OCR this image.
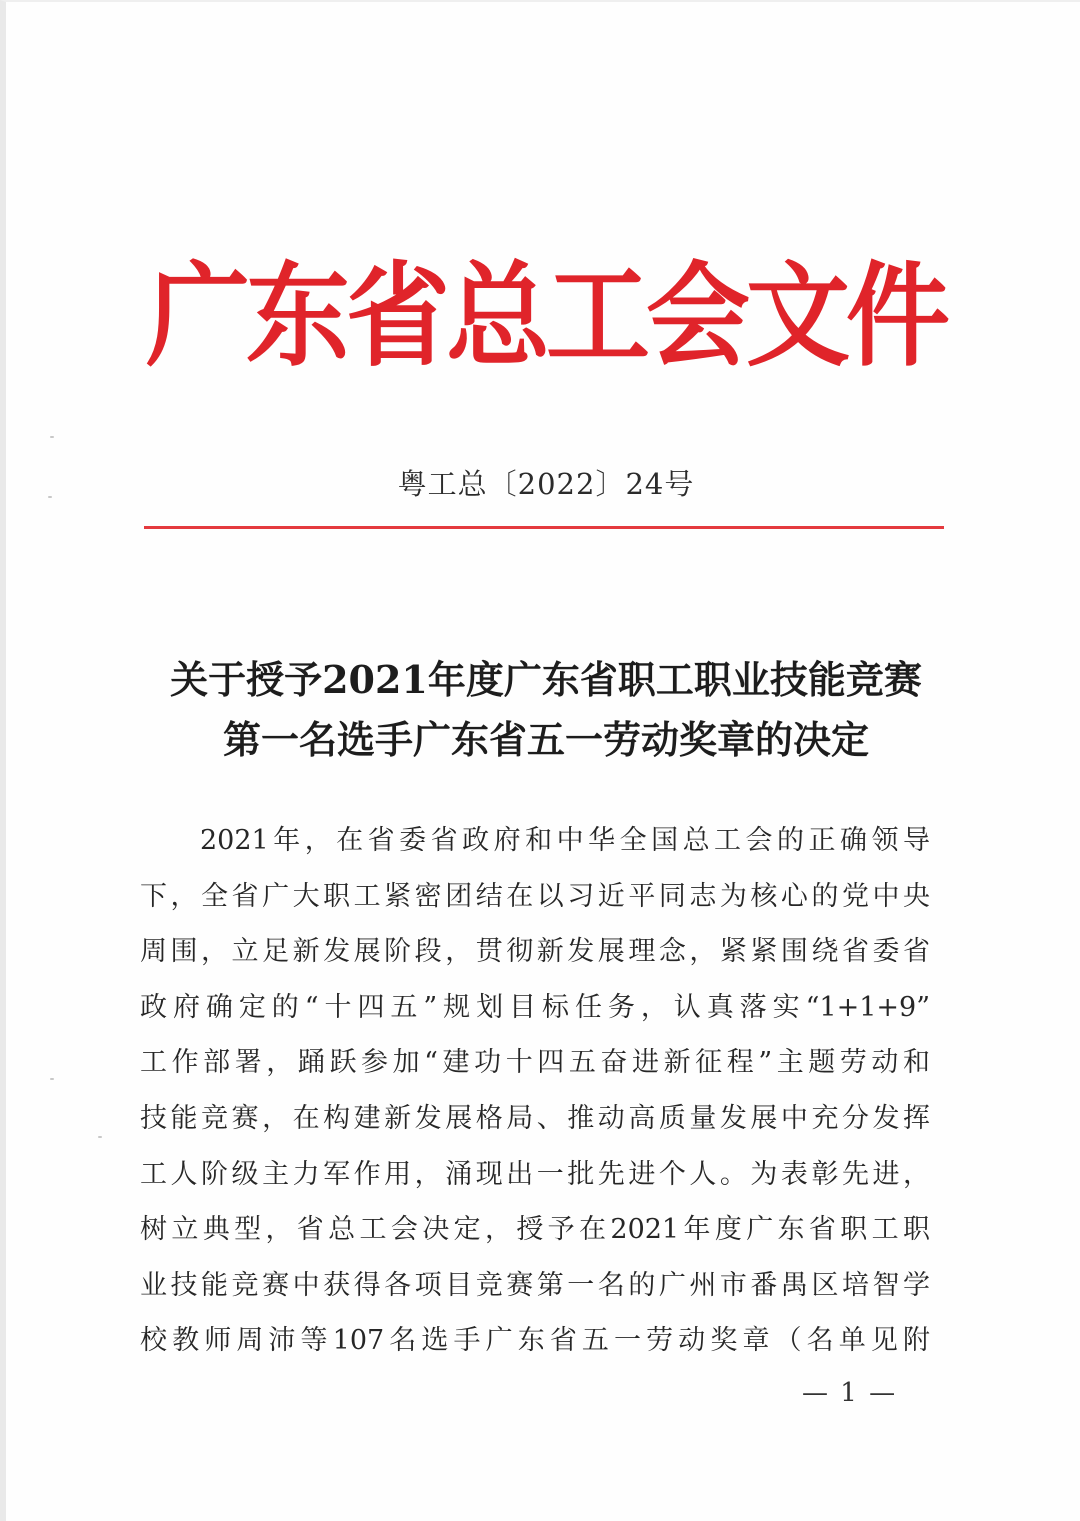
广东省总工会文件
粤工总〔2022〕24号
关于授予2021年度广东省职工职业技能竞赛
第一名选手广东省五一劳动奖章的决定
2021年，在省委省政府和中华全国总工会的正确领导
下，全省广大职工紧密团结在以习近平同志为核心的党中央
周围，立足新发展阶段，贯彻新发展理念，紧紧围绕省委省
政府确定的“十四五”规划目标任务，认真落实“1+1+9”
工作部署，踊跃参加“建功十四五奋进新征程”主题劳动和
技能竞赛，在构建新发展格局、推动高质量发展中充分发挥
工人阶级主力军作用，涌现出一批先进个人。为表彰先进，
树立典型，省总工会决定，授予在2021年度广东省职工职
业技能竞赛中获得各项目竞赛第一名的广州市番禺区培智学
校教师周沛等107名选手广东省五一劳动奖章（名单见附
— 1 —
